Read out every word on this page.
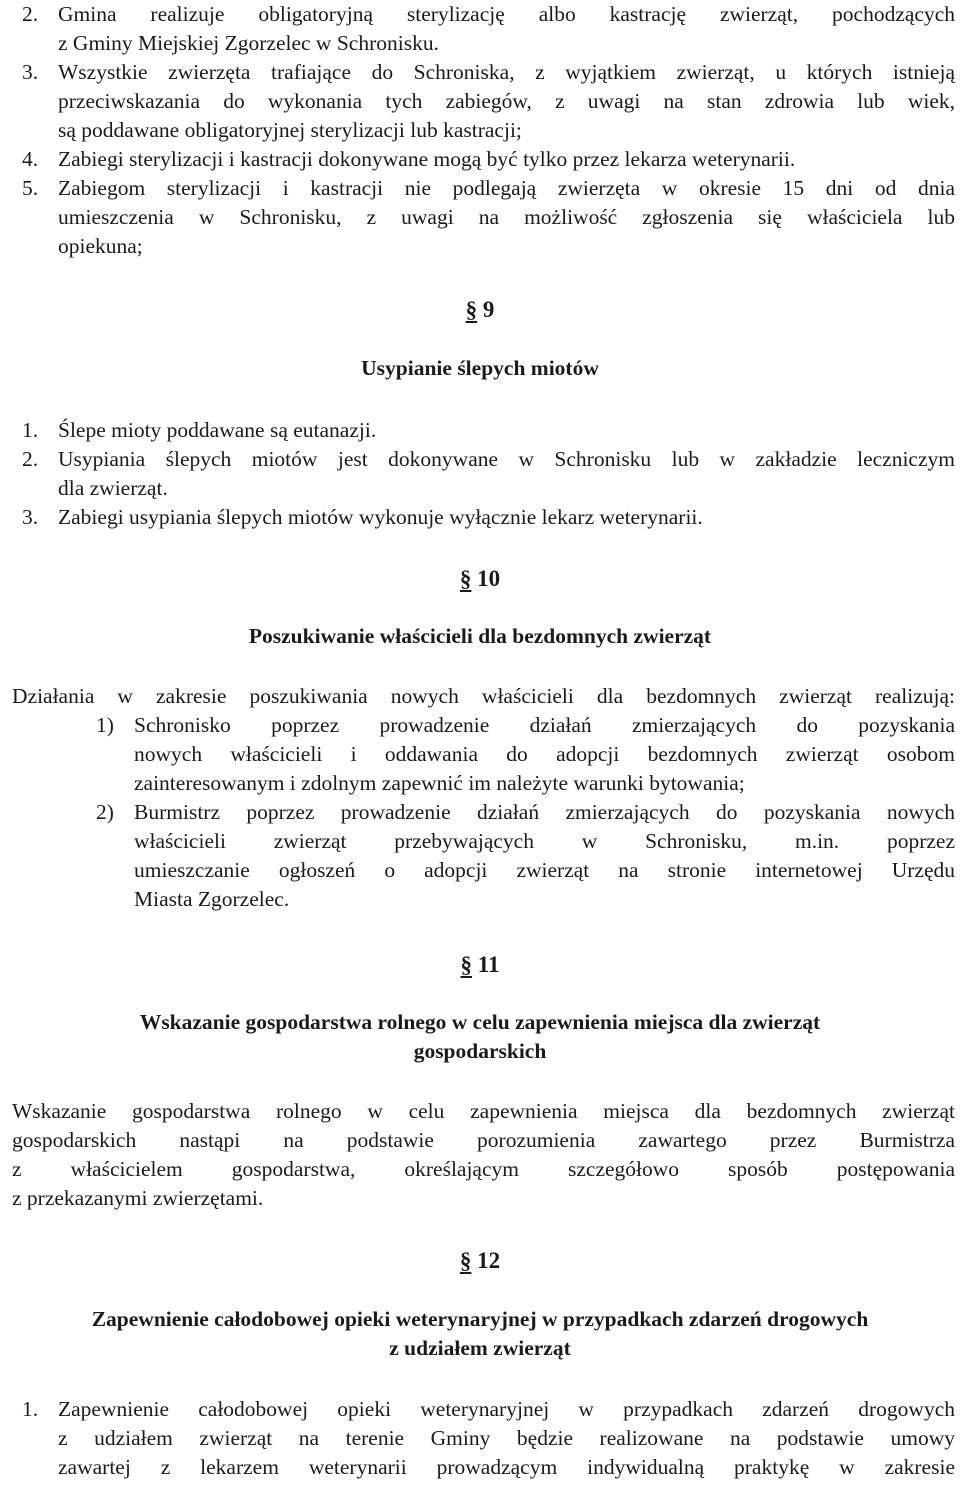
2. Gmina realizuje obligatoryjną sterylizację albo kastrację zwierząt, pochodzących
z Gminy Miejskiej Zgorzelec w Schronisku.
3. Wszystkie zwierzęta trafiające do Schroniska, z wyjątkiem zwierząt, u których istnieją
przeciwskazania do wykonania tych zabiegów, z uwagi na stan zdrowia lub wiek,
są poddawane obligatoryjnej sterylizacji lub kastracji;
4. Zabiegi sterylizacji i kastracji dokonywane mogą być tylko przez lekarza weterynarii.
5. Zabiegom sterylizacji i kastracji nie podlegają zwierzęta w okresie 15 dni od dnia
umieszczenia w Schronisku, z uwagi na możliwość zgłoszenia się właściciela lub
opiekuna;
§ 9
Usypianie ślepych miotów
1. Ślepe mioty poddawane są eutanazji.
2. Usypiania ślepych miotów jest dokonywane w Schronisku lub w zakładzie leczniczym
dla zwierząt.
3. Zabiegi usypiania ślepych miotów wykonuje wyłącznie lekarz weterynarii.
§ 10
Poszukiwanie właścicieli dla bezdomnych zwierząt
Działania w zakresie poszukiwania nowych właścicieli dla bezdomnych zwierząt realizują:
1) Schronisko poprzez prowadzenie działań zmierzających do pozyskania
nowych właścicieli i oddawania do adopcji bezdomnych zwierząt osobom
zainteresowanym i zdolnym zapewnić im należyte warunki bytowania;
2) Burmistrz poprzez prowadzenie działań zmierzających do pozyskania nowych
właścicieli zwierząt przebywających w Schronisku, m.in. poprzez
umieszczanie ogłoszeń o adopcji zwierząt na stronie internetowej Urzędu
Miasta Zgorzelec.
§ 11
Wskazanie gospodarstwa rolnego w celu zapewnienia miejsca dla zwierząt
gospodarskich
Wskazanie gospodarstwa rolnego w celu zapewnienia miejsca dla bezdomnych zwierząt
gospodarskich nastąpi na podstawie porozumienia zawartego przez Burmistrza
z właścicielem gospodarstwa, określającym szczegółowo sposób postępowania
z przekazanymi zwierzętami.
§ 12
Zapewnienie całodobowej opieki weterynaryjnej w przypadkach zdarzeń drogowych
z udziałem zwierząt
1. Zapewnienie całodobowej opieki weterynaryjnej w przypadkach zdarzeń drogowych
z udziałem zwierząt na terenie Gminy będzie realizowane na podstawie umowy
zawartej z lekarzem weterynarii prowadzącym indywidualną praktykę w zakresie
